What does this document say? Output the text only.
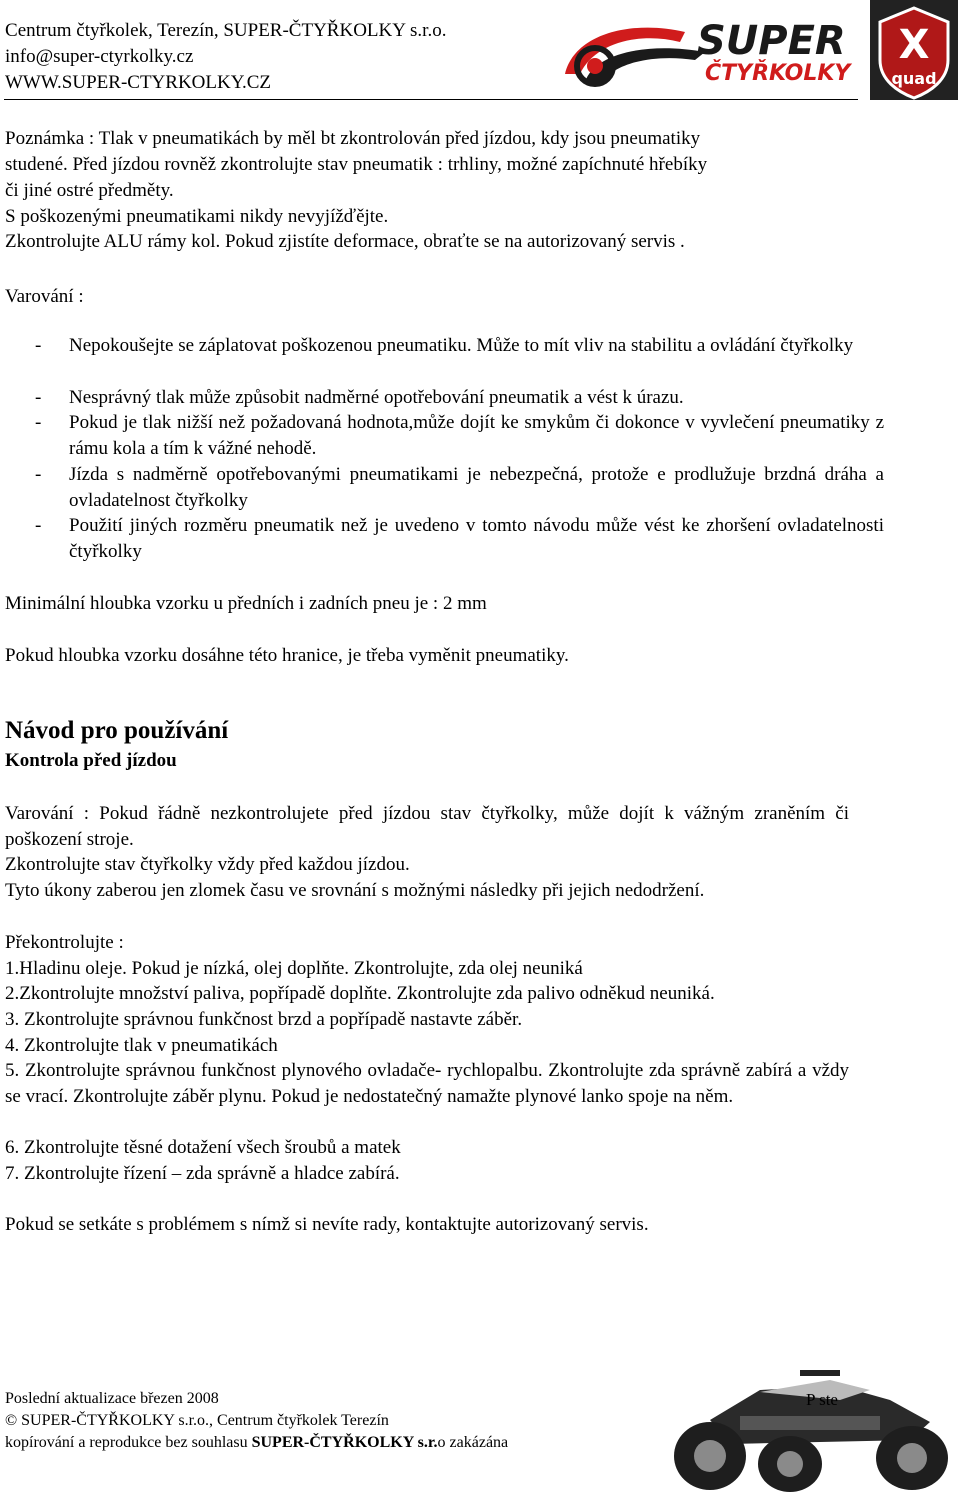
Centrum čtyřkolek, Terezín, SUPER-ČTYŘKOLKY s.r.o.
info@super-ctyrkolky.cz
WWW.SUPER-CTYRKOLKY.CZ
SUPER
ČTYŘKOLKY
X
quad
Poznámka : Tlak v pneumatikách by měl bt zkontrolován před jízdou, kdy jsou pneumatiky
studené. Před jízdou rovněž zkontrolujte stav pneumatik : trhliny, možné zapíchnuté hřebíky
či jiné ostré předměty.
S poškozenými pneumatikami nikdy nevyjížďějte.
Zkontrolujte ALU rámy kol. Pokud zjistíte deformace, obraťte se na autorizovaný servis .
Varování :
- Nepokoušejte se záplatovat poškozenou pneumatiku. Může to mít vliv na stabilitu a ovládání čtyřkolky
- Nesprávný tlak může způsobit nadměrné opotřebování pneumatik a vést k úrazu.
- Pokud je tlak nižší než požadovaná hodnota,může dojít ke smykům či dokonce v vyvlečení pneumatiky z rámu kola a tím k vážné nehodě.
- Jízda s nadměrně opotřebovanými pneumatikami je nebezpečná, protože e prodlužuje brzdná dráha a ovladatelnost čtyřkolky
- Použití jiných rozměru pneumatik než je uvedeno v tomto návodu může vést ke zhoršení ovladatelnosti čtyřkolky
Minimální hloubka vzorku u předních i zadních pneu je : 2 mm
Pokud hloubka vzorku dosáhne této hranice, je třeba vyměnit pneumatiky.
Návod pro používání
Kontrola před jízdou
Varování : Pokud řádně nezkontrolujete před jízdou stav čtyřkolky, může dojít k vážným zraněním či poškození stroje.
Zkontrolujte stav čtyřkolky vždy před každou jízdou.
Tyto úkony zaberou jen zlomek času ve srovnání s možnými následky při jejich nedodržení.
Překontrolujte :
1.Hladinu oleje. Pokud je nízká, olej doplňte. Zkontrolujte, zda olej neuniká
2.Zkontrolujte množství paliva, popřípadě doplňte. Zkontrolujte zda palivo odněkud neuniká.
3. Zkontrolujte správnou funkčnost brzd a popřípadě nastavte záběr.
4. Zkontrolujte tlak v pneumatikách
5. Zkontrolujte správnou funkčnost plynového ovladače- rychlopalbu. Zkontrolujte zda správně zabírá a vždy se vrací. Zkontrolujte záběr plynu. Pokud je nedostatečný namažte plynové lanko spoje na něm.
6. Zkontrolujte těsné dotažení všech šroubů a matek
7. Zkontrolujte řízení – zda správně a hladce zabírá.
Pokud se setkáte s problémem s nímž si nevíte rady, kontaktujte autorizovaný servis.
P ste
Poslední aktualizace březen 2008
© SUPER-ČTYŘKOLKY s.r.o., Centrum čtyřkolek Terezín
kopírování a reprodukce bez souhlasu SUPER-ČTYŘKOLKY s.r.o zakázána
